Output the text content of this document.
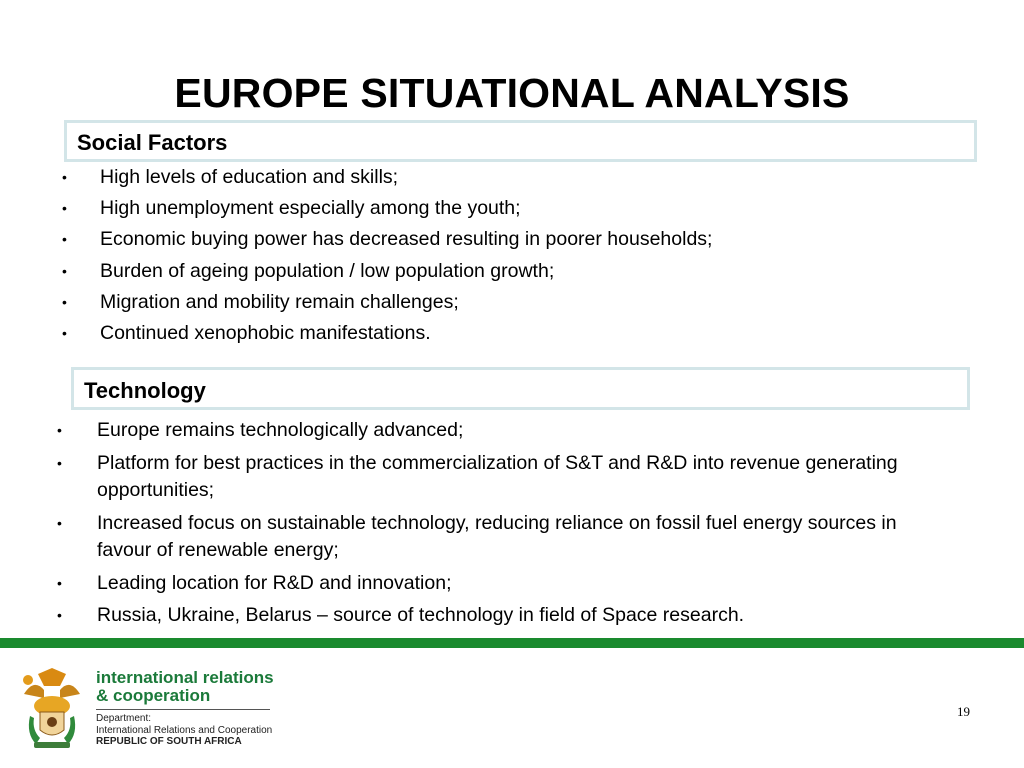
EUROPE SITUATIONAL ANALYSIS
Social Factors
• High levels of education and skills;
• High unemployment especially among the youth;
• Economic buying power has decreased resulting in poorer households;
• Burden of ageing population / low population growth;
• Migration and mobility remain challenges;
• Continued xenophobic manifestations.
Technology
• Europe remains technologically advanced;
• Platform for best practices in the commercialization of S&T and R&D into revenue generating opportunities;
• Increased focus on sustainable technology, reducing reliance on fossil fuel energy sources in favour of renewable energy;
• Leading location for R&D and innovation;
• Russia, Ukraine, Belarus – source of technology in field of Space research.
international relations
& cooperation
Department:
International Relations and Cooperation
REPUBLIC OF SOUTH AFRICA
19
